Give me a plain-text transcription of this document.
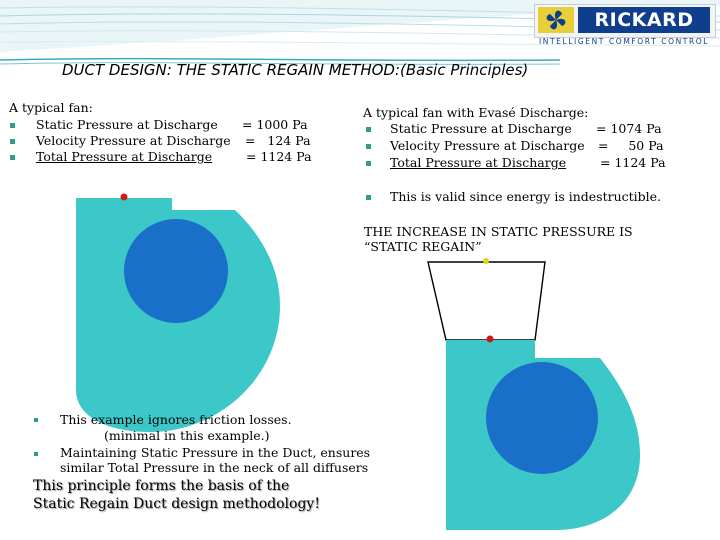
RICKARD
INTELLIGENT COMFORT CONTROL
DUCT DESIGN: THE STATIC REGAIN METHOD:(Basic Principles)
A typical fan:
Static Pressure at Discharge = 1000 Pa
Velocity Pressure at Discharge =   124 Pa
Total Pressure at Discharge	= 1124 Pa
A typical fan with Evasé Discharge:
Static Pressure at Discharge = 1074 Pa
Velocity Pressure at Discharge =     50 Pa
Total Pressure at Discharge	= 1124 Pa
This is valid since energy is indestructible.
THE INCREASE IN STATIC PRESSURE IS
“STATIC REGAIN”
This example ignores friction losses.
(minimal in this example.)
Maintaining Static Pressure in the Duct, ensures
similar Total Pressure in the neck of all diffusers
This principle forms the basis of the
Static Regain Duct design methodology!
